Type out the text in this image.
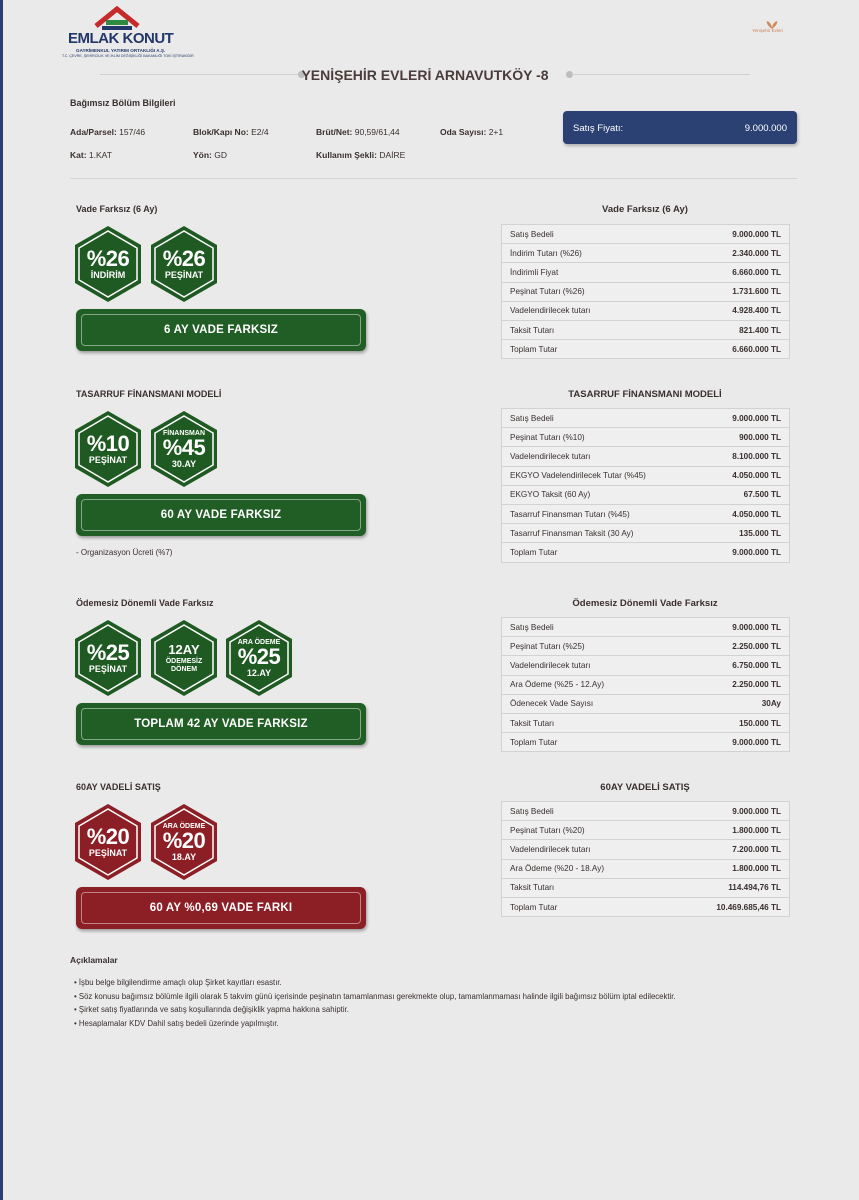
EMLAK KONUT
GAYRİMENKUL YATIRIM ORTAKLIĞI A.Ş.
T.C. ÇEVRE, ŞEHİRCİLİK VE İKLİM DEĞİŞİKLİĞİ BAKANLIĞI TOKİ İŞTİRAKİDİR
Yenişehir Evleri
YENİŞEHİR EVLERİ ARNAVUTKÖY -8
Bağımsız Bölüm Bilgileri
Ada/Parsel: 157/46	Blok/Kapı No: E2/4	Brüt/Net: 90,59/61,44	Oda Sayısı: 2+1
Kat: 1.KAT	Yön: GD	Kullanım Şekli: DAİRE
Satış Fiyatı:	9.000.000
Vade Farksız (6 Ay)
%26
İNDİRİM
%26
PEŞİNAT
6 AY VADE FARKSIZ
Vade Farksız (6 Ay)
Satış Bedeli	9.000.000 TL
İndirim Tutarı (%26)	2.340.000 TL
İndirimli Fiyat	6.660.000 TL
Peşinat Tutarı (%26)	1.731.600 TL
Vadelendirilecek tutarı	4.928.400 TL
Taksit Tutarı	821.400 TL
Toplam Tutar	6.660.000 TL
TASARRUF FİNANSMANI MODELİ
%10
PEŞİNAT
FİNANSMAN
%45
30.AY
60 AY VADE FARKSIZ
- Organizasyon Ücreti (%7)
TASARRUF FİNANSMANI MODELİ
Satış Bedeli	9.000.000 TL
Peşinat Tutarı (%10)	900.000 TL
Vadelendirilecek tutarı	8.100.000 TL
EKGYO Vadelendirilecek Tutar (%45)	4.050.000 TL
EKGYO Taksit (60 Ay)	67.500 TL
Tasarruf Finansman Tutarı (%45)	4.050.000 TL
Tasarruf Finansman Taksit (30 Ay)	135.000 TL
Toplam Tutar	9.000.000 TL
Ödemesiz Dönemli Vade Farksız
%25
PEŞİNAT
12AY
ÖDEMESİZ
DÖNEM
ARA ÖDEME
%25
12.AY
TOPLAM 42 AY VADE FARKSIZ
Ödemesiz Dönemli Vade Farksız
Satış Bedeli	9.000.000 TL
Peşinat Tutarı (%25)	2.250.000 TL
Vadelendirilecek tutarı	6.750.000 TL
Ara Ödeme (%25 - 12.Ay)	2.250.000 TL
Ödenecek Vade Sayısı	30Ay
Taksit Tutarı	150.000 TL
Toplam Tutar	9.000.000 TL
60AY VADELİ SATIŞ
%20
PEŞİNAT
ARA ÖDEME
%20
18.AY
60 AY %0,69 VADE FARKI
60AY VADELİ SATIŞ
Satış Bedeli	9.000.000 TL
Peşinat Tutarı (%20)	1.800.000 TL
Vadelendirilecek tutarı	7.200.000 TL
Ara Ödeme (%20 - 18.Ay)	1.800.000 TL
Taksit Tutarı	114.494,76 TL
Toplam Tutar	10.469.685,46 TL
Açıklamalar
• İşbu belge bilgilendirme amaçlı olup Şirket kayıtları esastır.
• Söz konusu bağımsız bölümle ilgili olarak 5 takvim günü içerisinde peşinatın tamamlanması gerekmekte olup, tamamlanmaması halinde ilgili bağımsız bölüm iptal edilecektir.
• Şirket satış fiyatlarında ve satış koşullarında değişiklik yapma hakkına sahiptir.
• Hesaplamalar KDV Dahil satış bedeli üzerinde yapılmıştır.
